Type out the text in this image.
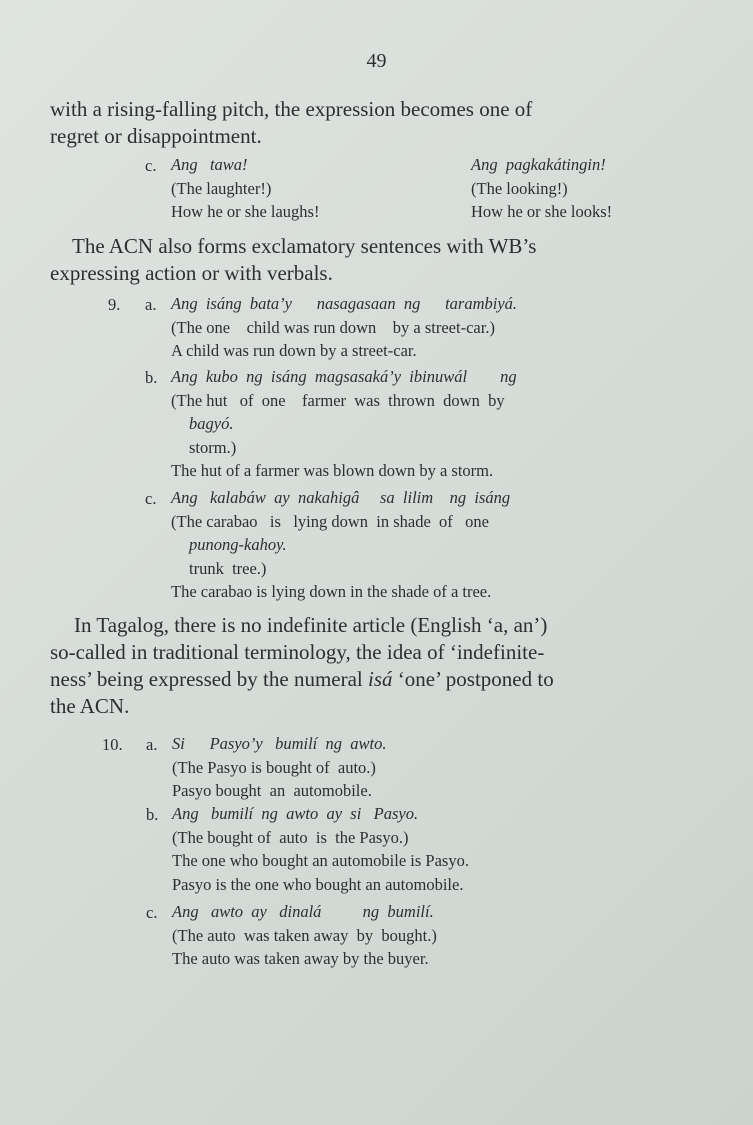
49
with a rising-falling pitch, the expression becomes one of
regret or disappointment.
c. Ang   tawa!
(The laughter!)
How he or she laughs!
Ang  pagkakátingin!
(The looking!)
How he or she looks!
The ACN also forms exclamatory sentences with WB’s
expressing action or with verbals.
9. a. Ang  isáng  bata’y      nasagasaan  ng      tarambiyá.
(The one    child was run down    by a street-car.)
A child was run down by a street-car.
b. Ang  kubo  ng  isáng  magsasaká’y  ibinuwál        ng
(The hut   of  one    farmer  was  thrown  down  by
bagyó.
storm.)
The hut of a farmer was blown down by a storm.
c. Ang   kalabáw  ay  nakahigâ     sa  lilim    ng  isáng
(The carabao   is   lying down  in shade  of   one
punong-kahoy.
trunk  tree.)
The carabao is lying down in the shade of a tree.
In Tagalog, there is no indefinite article (English ‘a, an’)
so-called in traditional terminology, the idea of ‘indefinite-
ness’ being expressed by the numeral isá ‘one’ postponed to
the ACN.
10. a. Si      Pasyo’y   bumilí  ng  awto.
(The Pasyo is bought of  auto.)
Pasyo bought  an  automobile.
b. Ang   bumilí  ng  awto  ay  si   Pasyo.
(The bought of  auto  is  the Pasyo.)
The one who bought an automobile is Pasyo.
Pasyo is the one who bought an automobile.
c. Ang   awto  ay   dinalá          ng  bumilí.
(The auto  was taken away  by  bought.)
The auto was taken away by the buyer.
